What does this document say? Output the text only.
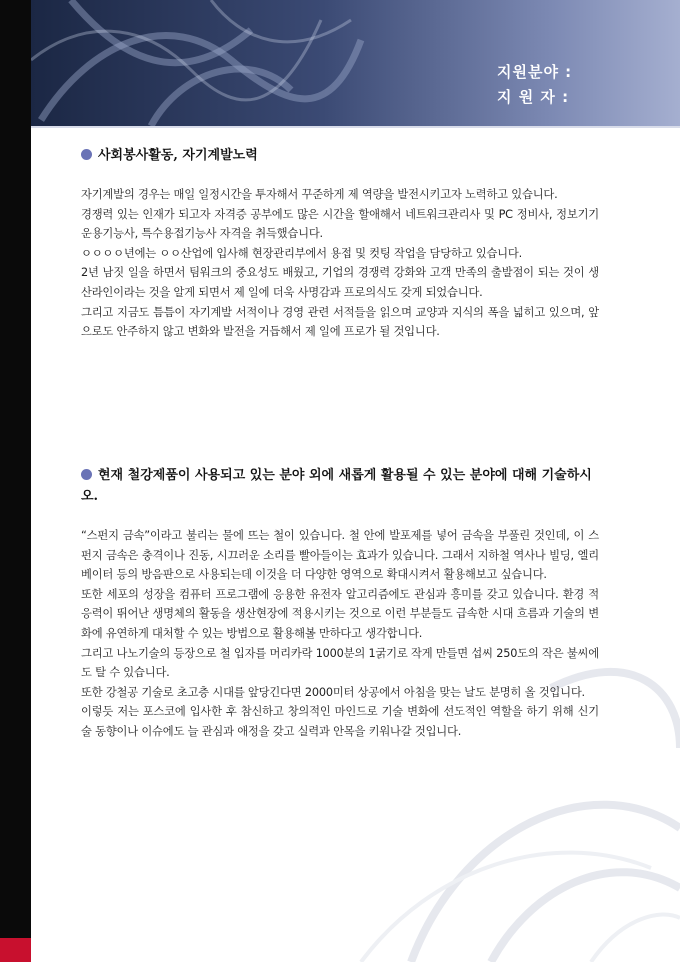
지원분야 :
지 원 자 :
사회봉사활동, 자기계발노력

자기계발의 경우는 매일 일정시간을 투자해서 꾸준하게 제 역량을 발전시키고자 노력하고 있습니다.

경쟁력 있는 인재가 되고자 자격증 공부에도 많은 시간을 할애해서 네트워크관리사 및 PC 정비사, 정보기기운용기능사, 특수용접기능사 자격을 취득했습니다.

ㅇㅇㅇㅇ년에는 ㅇㅇ산업에 입사해 현장관리부에서 용접 및 컷팅 작업을 담당하고 있습니다.

2년 남짓 일을 하면서 팀워크의 중요성도 배웠고, 기업의 경쟁력 강화와 고객 만족의 출발점이 되는 것이 생산라인이라는 것을 알게 되면서 제 일에 더욱 사명감과 프로의식도 갖게 되었습니다.

그리고 지금도 틈틈이 자기계발 서적이나 경영 관련 서적들을 읽으며 교양과 지식의 폭을 넓히고 있으며, 앞으로도 안주하지 않고 변화와 발전을 거듭해서 제 일에 프로가 될 것입니다.

현재 철강제품이 사용되고 있는 분야 외에 새롭게 활용될 수 있는 분야에 대해 기술하시오.

“스펀지 금속”이라고 불리는 물에 뜨는 철이 있습니다. 철 안에 발포제를 넣어 금속을 부풀린 것인데, 이 스펀지 금속은 충격이나 진동, 시끄러운 소리를 빨아들이는 효과가 있습니다. 그래서 지하철 역사나 빌딩, 엘리베이터 등의 방음판으로 사용되는데 이것을 더 다양한 영역으로 확대시켜서 활용해보고 싶습니다.

또한 세포의 성장을 컴퓨터 프로그램에 응용한 유전자 알고리즘에도 관심과 흥미를 갖고 있습니다. 환경 적응력이 뛰어난 생명체의 활동을 생산현장에 적용시키는 것으로 이런 부분들도 급속한 시대 흐름과 기술의 변화에 유연하게 대처할 수 있는 방법으로 활용해볼 만하다고 생각합니다.

그리고 나노기술의 등장으로 철 입자를 머리카락 1000분의 1굵기로 작게 만들면 섭씨 250도의 작은 불씨에도 탈 수 있습니다.

또한 강철공 기술로 초고층 시대를 앞당긴다면 2000미터 상공에서 아침을 맞는 날도 분명히 올 것입니다.

이렇듯 저는 포스코에 입사한 후 참신하고 창의적인 마인드로 기술 변화에 선도적인 역할을 하기 위해 신기술 동향이나 이슈에도 늘 관심과 애정을 갖고 실력과 안목을 키워나갈 것입니다.
